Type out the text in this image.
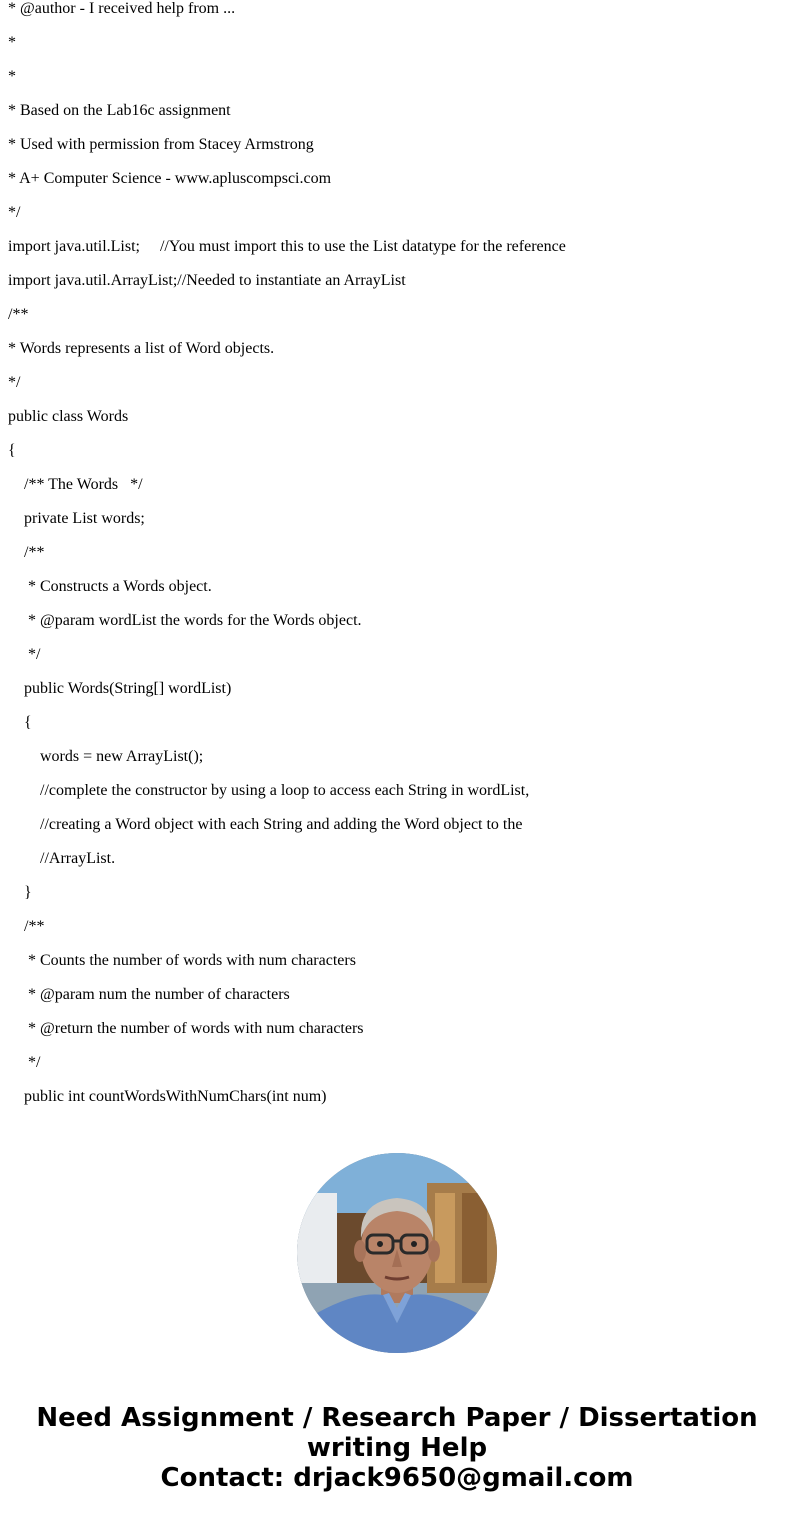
* @author - I received help from ...

*

*

* Based on the Lab16c assignment

* Used with permission from Stacey Armstrong

* A+ Computer Science - www.apluscompsci.com

*/

import java.util.List;     //You must import this to use the List datatype for the reference

import java.util.ArrayList;//Needed to instantiate an ArrayList

/**

* Words represents a list of Word objects.

*/

public class Words

{

/** The Words   */

private List words;

/**

* Constructs a Words object.

* @param wordList the words for the Words object.

*/

public Words(String[] wordList)

{

words = new ArrayList();

//complete the constructor by using a loop to access each String in wordList,

//creating a Word object with each String and adding the Word object to the

//ArrayList.

}

/**

* Counts the number of words with num characters

* @param num the number of characters

* @return the number of words with num characters

*/

public int countWordsWithNumChars(int num)

Need Assignment / Research Paper / Dissertation
writing Help
Contact: drjack9650@gmail.com
